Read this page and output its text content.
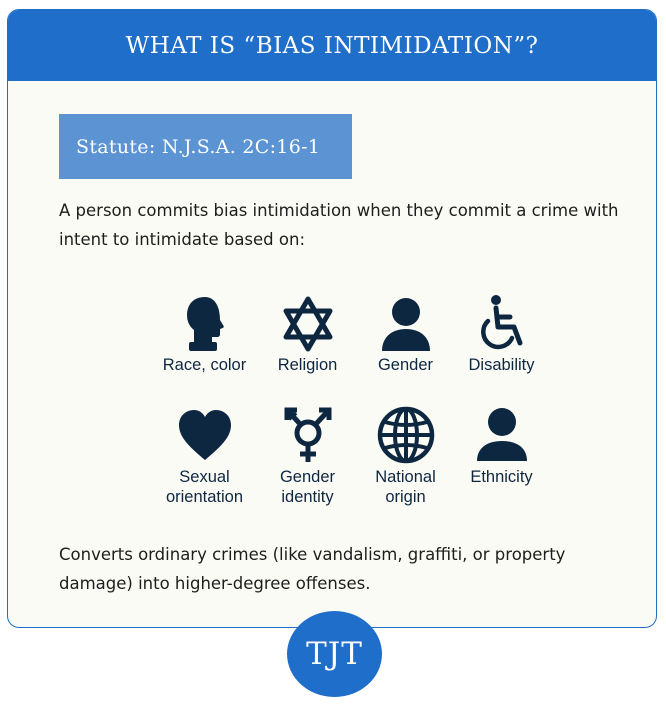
WHAT IS “BIAS INTIMIDATION”?
Statute: N.J.S.A. 2C:16-1
A person commits bias intimidation when they commit a crime with intent to intimidate based on:
Race, color	Religion	Gender	Disability
Sexual orientation
Gender identity
National origin
Ethnicity
Converts ordinary crimes (like vandalism, graffiti, or property damage) into higher-degree offenses.
TJT
